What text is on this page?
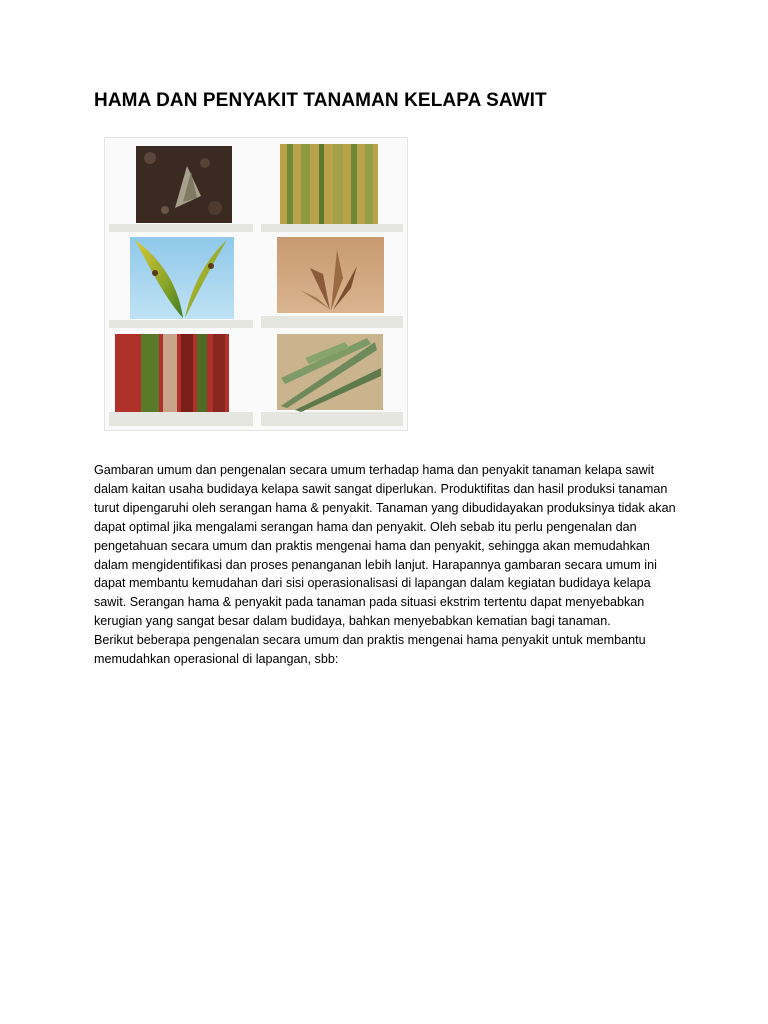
HAMA DAN PENYAKIT TANAMAN KELAPA SAWIT

Gambaran umum dan pengenalan secara umum terhadap hama dan penyakit tanaman kelapa sawit dalam kaitan usaha budidaya kelapa sawit sangat diperlukan. Produktifitas dan hasil produksi tanaman turut dipengaruhi oleh serangan hama & penyakit. Tanaman yang dibudidayakan produksinya tidak akan dapat optimal jika mengalami serangan hama dan penyakit. Oleh sebab itu perlu pengenalan dan pengetahuan secara umum dan praktis mengenai hama dan penyakit, sehingga akan memudahkan dalam mengidentifikasi dan proses penanganan lebih lanjut. Harapannya gambaran secara umum ini dapat membantu kemudahan dari sisi operasionalisasi di lapangan dalam kegiatan budidaya kelapa sawit. Serangan hama & penyakit pada tanaman pada situasi ekstrim tertentu dapat menyebabkan kerugian yang sangat besar dalam budidaya, bahkan menyebabkan kematian bagi tanaman.

Berikut beberapa pengenalan secara umum dan praktis mengenai hama penyakit untuk membantu memudahkan operasional di lapangan, sbb:
